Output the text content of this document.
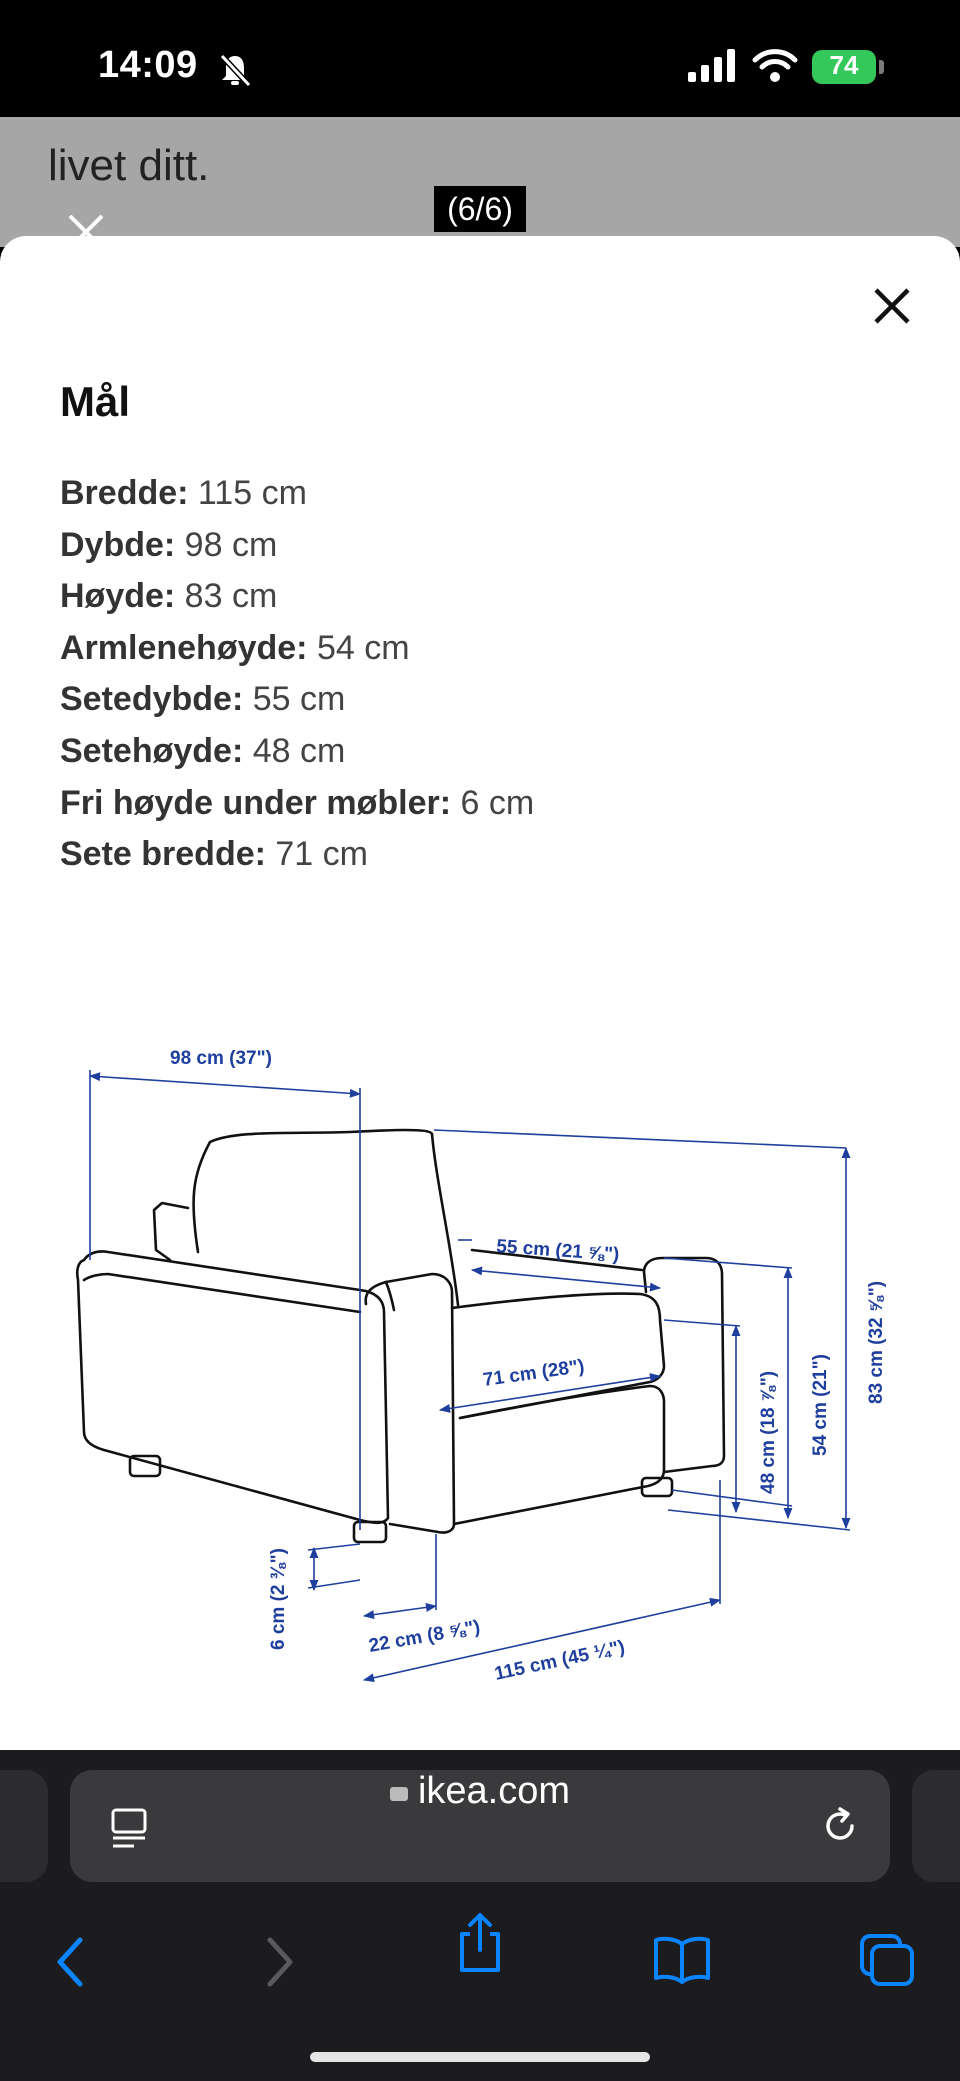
14:09	74
livet ditt.
Mål
Bredde: 115 cm
Dybde: 98 cm
Høyde: 83 cm
Armlenehøyde: 54 cm
Setedybde: 55 cm
Setehøyde: 48 cm
Fri høyde under møbler: 6 cm
Sete bredde: 71 cm
98 cm (37")
55 cm (21 ⅝")
71 cm (28")	48 cm (18 ⅞") 54 cm (21")
83 cm (32 ⅝")
6 cm (2 ⅜")	22 cm (8 ⅝") 115 cm (45 ¼")
ikea.com
(6/6)
